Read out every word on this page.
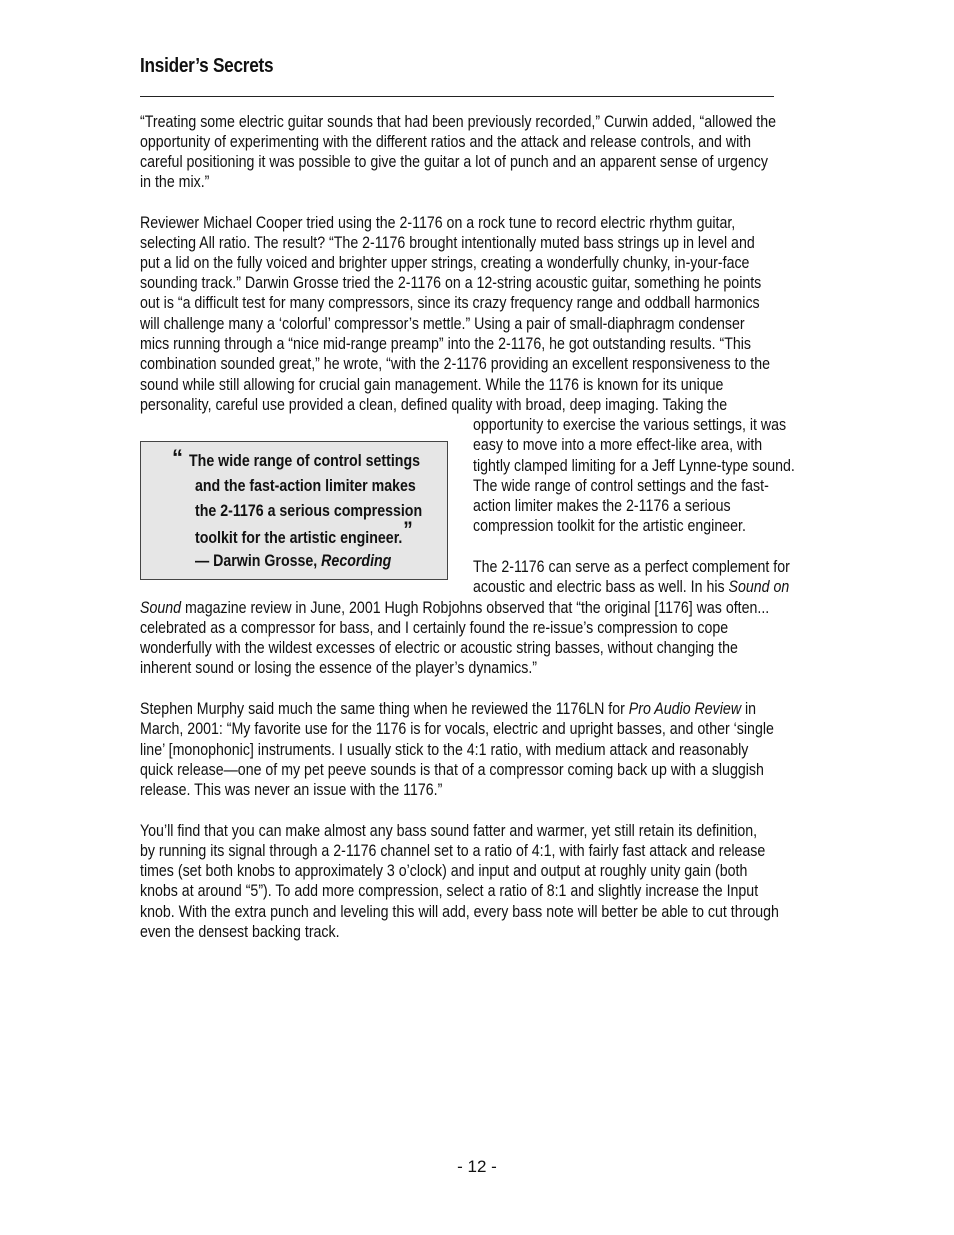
Insider’s Secrets
“Treating some electric guitar sounds that had been previously recorded,” Curwin added, “allowed the
opportunity of experimenting with the different ratios and the attack and release controls, and with
careful positioning it was possible to give the guitar a lot of punch and an apparent sense of urgency
in the mix.”
Reviewer Michael Cooper tried using the 2-1176 on a rock tune to record electric rhythm guitar,
selecting All ratio. The result? “The 2-1176 brought intentionally muted bass strings up in level and
put a lid on the fully voiced and brighter upper strings, creating a wonderfully chunky, in-your-face
sounding track.” Darwin Grosse tried the 2-1176 on a 12-string acoustic guitar, something he points
out is “a difficult test for many compressors, since its crazy frequency range and oddball harmonics
will challenge many a ‘colorful’ compressor’s mettle.” Using a pair of small-diaphragm condenser
mics running through a “nice mid-range preamp” into the 2-1176, he got outstanding results. “This
combination sounded great,” he wrote, “with the 2-1176 providing an excellent responsiveness to the
sound while still allowing for crucial gain management. While the 1176 is known for its unique
personality, careful use provided a clean, defined quality with broad, deep imaging. Taking the
opportunity to exercise the various settings, it was
easy to move into a more effect-like area, with
tightly clamped limiting for a Jeff Lynne-type sound.
The wide range of control settings and the fast-
action limiter makes the 2-1176 a serious
compression toolkit for the artistic engineer.
“ The wide range of control settings
and the fast-action limiter makes
the 2-1176 a serious compression
toolkit for the artistic engineer.”
— Darwin Grosse, Recording	The 2-1176 can serve as a perfect complement for
acoustic and electric bass as well. In his Sound on
Sound magazine review in June, 2001 Hugh Robjohns observed that “the original [1176] was often...
celebrated as a compressor for bass, and I certainly found the re-issue’s compression to cope
wonderfully with the wildest excesses of electric or acoustic string basses, without changing the
inherent sound or losing the essence of the player’s dynamics.”
Stephen Murphy said much the same thing when he reviewed the 1176LN for Pro Audio Review in
March, 2001: “My favorite use for the 1176 is for vocals, electric and upright basses, and other ‘single
line’ [monophonic] instruments. I usually stick to the 4:1 ratio, with medium attack and reasonably
quick release—one of my pet peeve sounds is that of a compressor coming back up with a sluggish
release. This was never an issue with the 1176.”
You’ll find that you can make almost any bass sound fatter and warmer, yet still retain its definition,
by running its signal through a 2-1176 channel set to a ratio of 4:1, with fairly fast attack and release
times (set both knobs to approximately 3 o’clock) and input and output at roughly unity gain (both
knobs at around “5”). To add more compression, select a ratio of 8:1 and slightly increase the Input
knob. With the extra punch and leveling this will add, every bass note will better be able to cut through
even the densest backing track.
- 12 -
